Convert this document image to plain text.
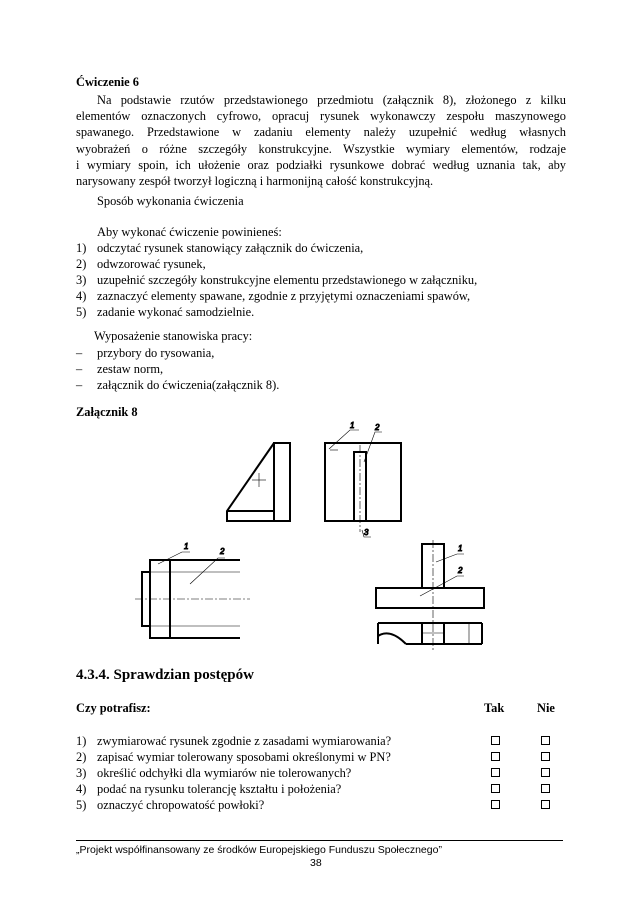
Ćwiczenie 6
Na podstawie rzutów przedstawionego przedmiotu (załącznik 8), złożonego z kilku
elementów oznaczonych cyfrowo, opracuj rysunek wykonawczy zespołu maszynowego
spawanego. Przedstawione w zadaniu elementy należy uzupełnić według własnych
wyobrażeń o różne szczegóły konstrukcyjne. Wszystkie wymiary elementów, rodzaje
i wymiary spoin, ich ułożenie oraz podziałki rysunkowe dobrać według uznania tak, aby
narysowany zespół tworzył logiczną i harmonijną całość konstrukcyjną.
Sposób wykonania ćwiczenia
Aby wykonać ćwiczenie powinieneś:
1) odczytać rysunek stanowiący załącznik do ćwiczenia,
2) odwzorować rysunek,
3) uzupełnić szczegóły konstrukcyjne elementu przedstawionego w załączniku,
4) zaznaczyć elementy spawane, zgodnie z przyjętymi oznaczeniami spawów,
5) zadanie wykonać samodzielnie.
Wyposażenie stanowiska pracy:
– przybory do rysowania,
– zestaw norm,
– załącznik do ćwiczenia(załącznik 8).
Załącznik 8
1	2
3
1
2	1
2
4.3.4. Sprawdzian postępów
Czy potrafisz:	Tak	Nie
1) zwymiarować rysunek zgodnie z zasadami wymiarowania?
2) zapisać wymiar tolerowany sposobami określonymi w PN?
3) określić odchyłki dla wymiarów nie tolerowanych?
4) podać na rysunku tolerancję kształtu i położenia?
5) oznaczyć chropowatość powłoki?
„Projekt współfinansowany ze środków Europejskiego Funduszu Społecznego”
38
